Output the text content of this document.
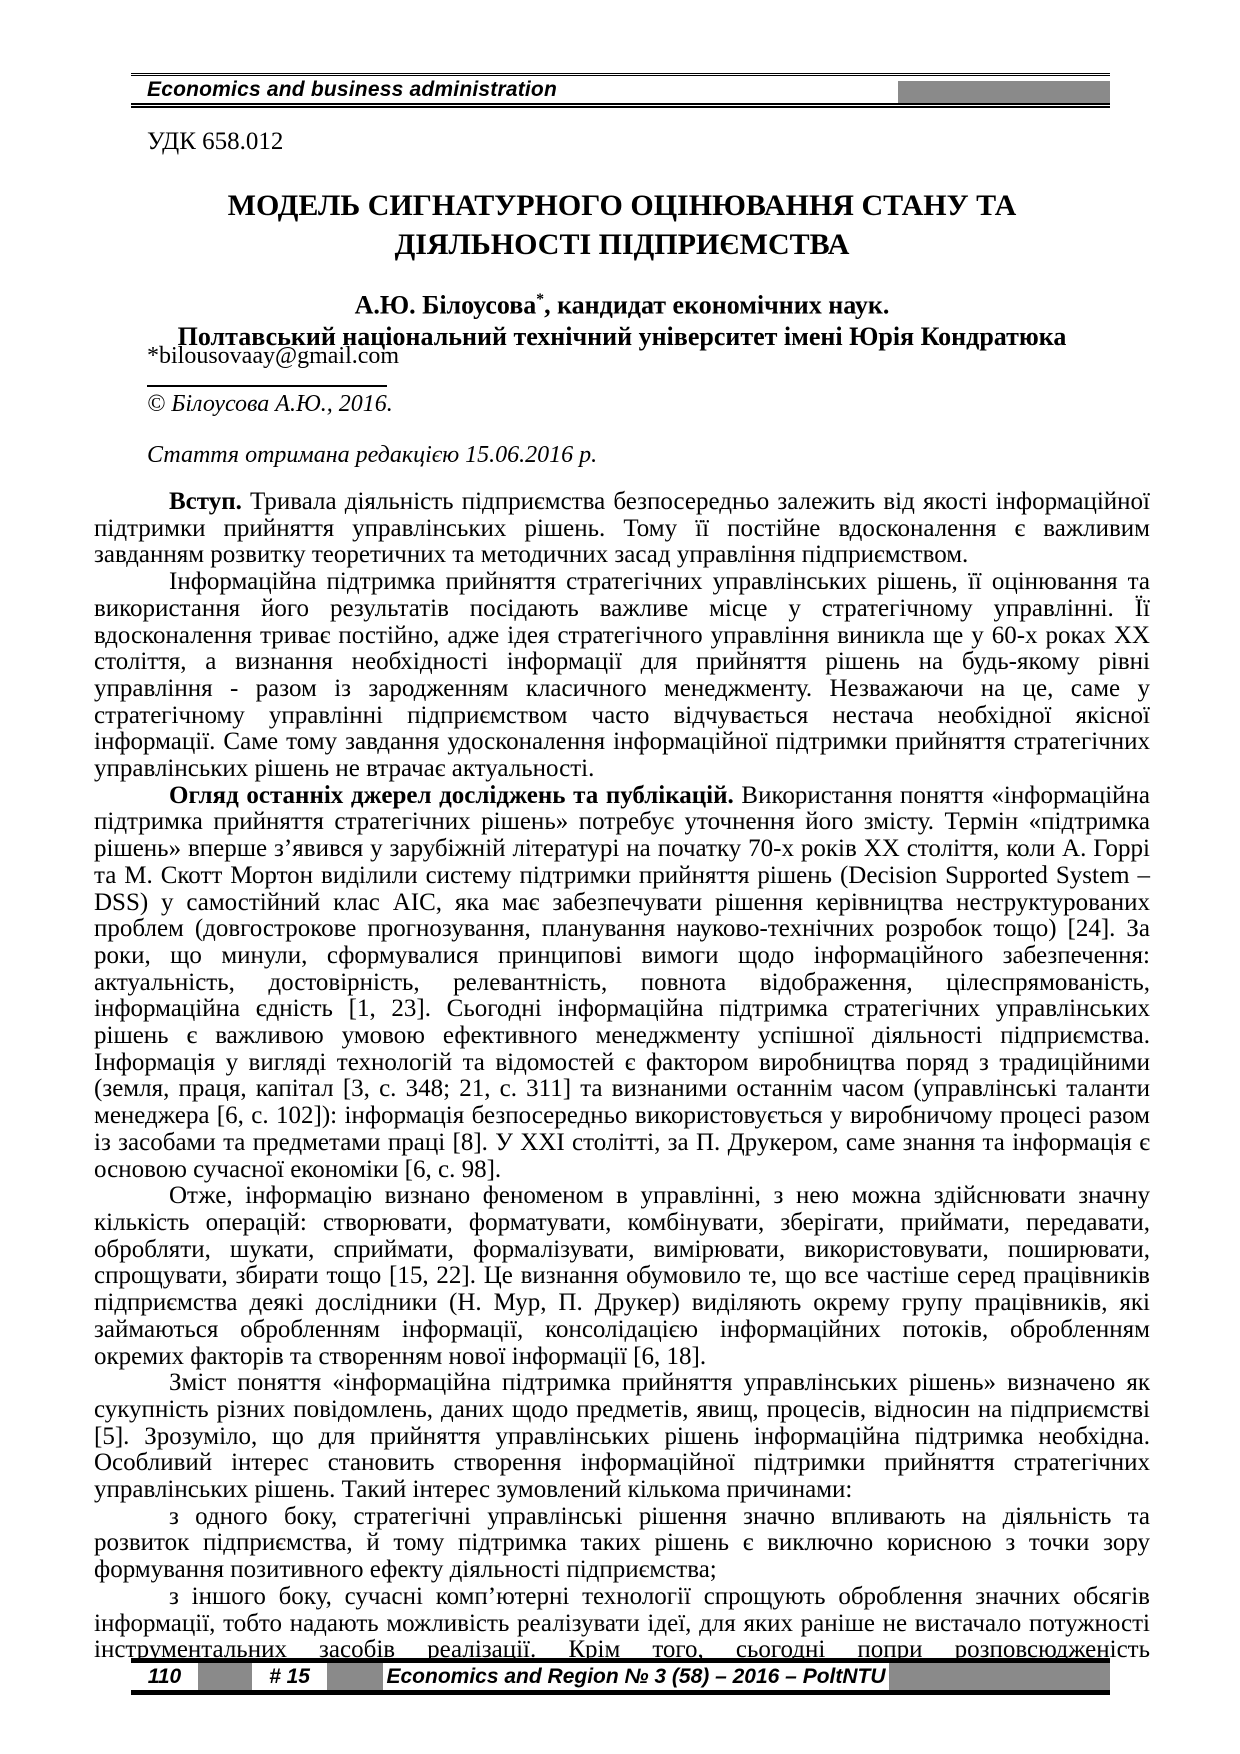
Economics and business administration
УДК 658.012
МОДЕЛЬ СИГНАТУРНОГО ОЦІНЮВАННЯ СТАНУ ТА ДІЯЛЬНОСТІ ПІДПРИЄМСТВА
А.Ю. Білоусова*, кандидат економічних наук.
Полтавський національний технічний університет імені Юрія Кондратюка
*bilousovaay@gmail.com
© Білоусова А.Ю., 2016.
Стаття отримана редакцією 15.06.2016 р.

Вступ. Тривала діяльність підприємства безпосередньо залежить від якості інформаційної підтримки прийняття управлінських рішень. Тому її постійне вдосконалення є важливим завданням розвитку теоретичних та методичних засад управління підприємством.

Інформаційна підтримка прийняття стратегічних управлінських рішень, її оцінювання та використання його результатів посідають важливе місце у стратегічному управлінні. Її вдосконалення триває постійно, адже ідея стратегічного управління виникла ще у 60-х роках ХХ століття, а визнання необхідності інформації для прийняття рішень на будь-якому рівні управління - разом із зародженням класичного менеджменту. Незважаючи на це, саме у стратегічному управлінні підприємством часто відчувається нестача необхідної якісної інформації. Саме тому завдання удосконалення інформаційної підтримки прийняття стратегічних управлінських рішень не втрачає актуальності.

Огляд останніх джерел досліджень та публікацій. Використання поняття «інформаційна підтримка прийняття стратегічних рішень» потребує уточнення його змісту. Термін «підтримка рішень» вперше з’явився у зарубіжній літературі на початку 70-х років ХХ століття, коли А. Горрі та М. Скотт Мортон виділили систему підтримки прийняття рішень (Decision Supported System – DSS) у самостійний клас АІС, яка має забезпечувати рішення керівництва неструктурованих проблем (довгострокове прогнозування, планування науково-технічних розробок тощо) [24]. За роки, що минули, сформувалися принципові вимоги щодо інформаційного забезпечення: актуальність, достовірність, релевантність, повнота відображення, цілеспрямованість, інформаційна єдність [1, 23]. Сьогодні інформаційна підтримка стратегічних управлінських рішень є важливою умовою ефективного менеджменту успішної діяльності підприємства. Інформація у вигляді технологій та відомостей є фактором виробництва поряд з традиційними (земля, праця, капітал [3, с. 348; 21, с. 311] та визнаними останнім часом (управлінські таланти менеджера [6, с. 102]): інформація безпосередньо використовується у виробничому процесі разом із засобами та предметами праці [8]. У ХХІ столітті, за П. Друкером, саме знання та інформація є основою сучасної економіки [6, с. 98].

Отже, інформацію визнано феноменом в управлінні, з нею можна здійснювати значну кількість операцій: створювати, форматувати, комбінувати, зберігати, приймати, передавати, обробляти, шукати, сприймати, формалізувати, вимірювати, використовувати, поширювати, спрощувати, збирати тощо [15, 22]. Це визнання обумовило те, що все частіше серед працівників підприємства деякі дослідники (Н. Мур, П. Друкер) виділяють окрему групу працівників, які займаються обробленням інформації, консолідацією інформаційних потоків, обробленням окремих факторів та створенням нової інформації [6, 18].

Зміст поняття «інформаційна підтримка прийняття управлінських рішень» визначено як сукупність різних повідомлень, даних щодо предметів, явищ, процесів, відносин на підприємстві [5]. Зрозуміло, що для прийняття управлінських рішень інформаційна підтримка необхідна. Особливий інтерес становить створення інформаційної підтримки прийняття стратегічних управлінських рішень. Такий інтерес зумовлений кількома причинами:

з одного боку, стратегічні управлінські рішення значно впливають на діяльність та розвиток підприємства, й тому підтримка таких рішень є виключно корисною з точки зору формування позитивного ефекту діяльності підприємства;

з іншого боку, сучасні комп’ютерні технології спрощують оброблення значних обсягів інформації, тобто надають можливість реалізувати ідеї, для яких раніше не вистачало потужності інструментальних засобів реалізації. Крім того, сьогодні попри розповсюдженість

110	# 15	Economics and Region № 3 (58) – 2016 – PoltNTU
